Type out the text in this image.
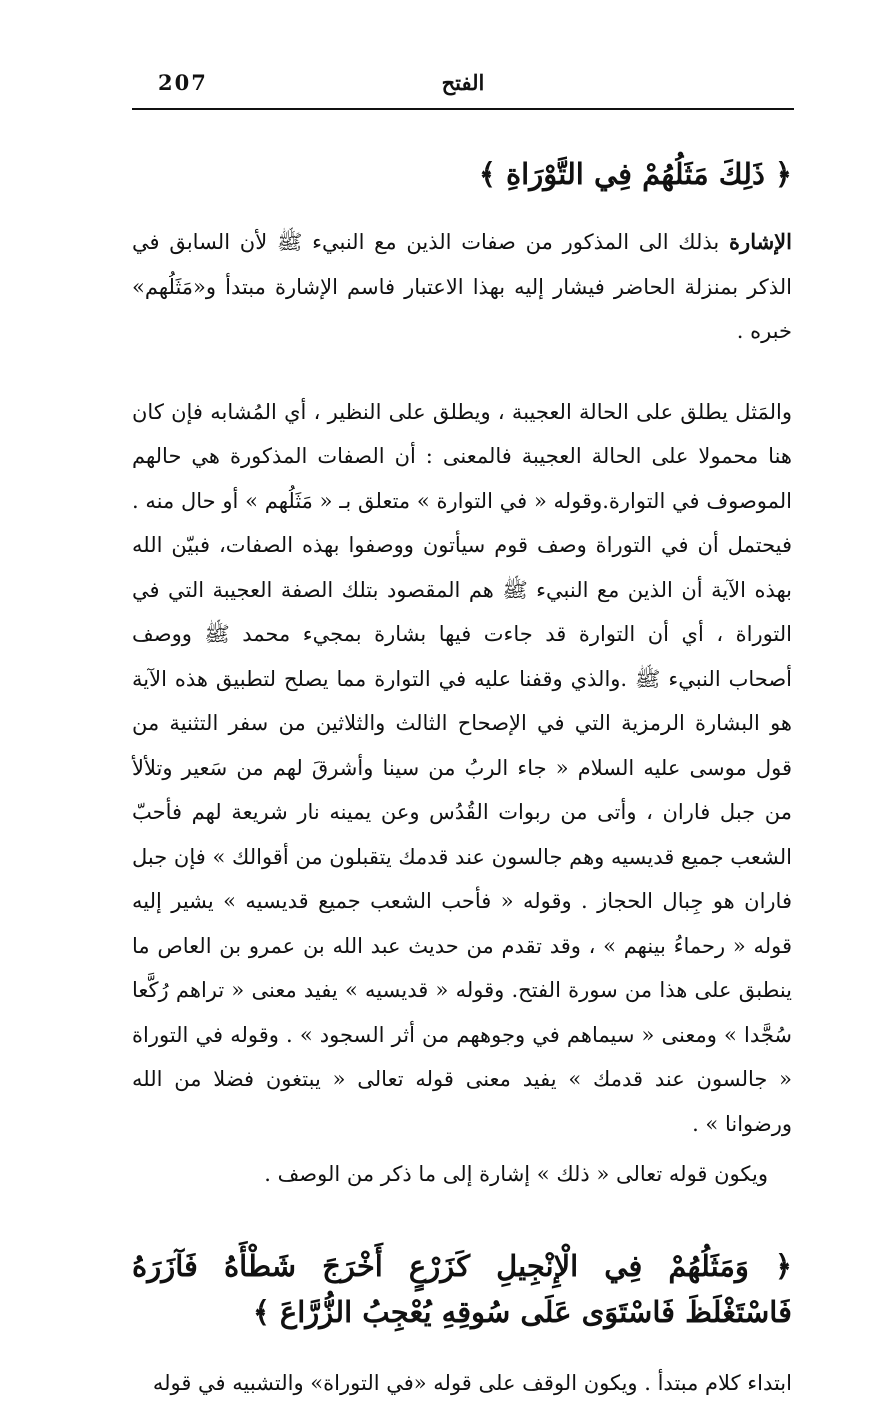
207	الفتح

﴿ ذَلِكَ مَثَلُهُمْ فِي التَّوْرَاةِ ﴾

الإشارة بذلك الى المذكور من صفات الذين مع النبيء ﷺ لأن السابق في الذكر بمنزلة الحاضر فيشار إليه بهذا الاعتبار فاسم الإشارة مبتدأ و«مَثَلُهم» خبره .

والمَثل يطلق على الحالة العجيبة ، ويطلق على النظير ، أي المُشابه فإن كان هنا محمولا على الحالة العجيبة فالمعنى : أن الصفات المذكورة هي حالهم الموصوف في التوارة.وقوله « في التوارة » متعلق بـ « مَثَلُهم » أو حال منه . فيحتمل أن في التوراة وصف قوم سيأتون ووصفوا بهذه الصفات، فبيّن الله بهذه الآية أن الذين مع النبيء ﷺ هم المقصود بتلك الصفة العجيبة التي في التوراة ، أي أن التوارة قد جاءت فيها بشارة بمجيء محمد ﷺ ووصف أصحاب النبيء ﷺ .والذي وقفنا عليه في التوارة مما يصلح لتطبيق هذه الآية هو البشارة الرمزية التي في الإصحاح الثالث والثلاثين من سفر التثنية من قول موسى عليه السلام « جاء الربُ من سينا وأشرقَ لهم من سَعير وتلألأ من جبل فاران ، وأتى من ربوات القُدُس وعن يمينه نار شريعة لهم فأحبّ الشعب جميع قديسيه وهم جالسون عند قدمك يتقبلون من أقوالك » فإن جبل فاران هو جِبال الحجاز . وقوله « فأحب الشعب جميع قديسيه » يشير إليه قوله « رحماءُ بينهم » ، وقد تقدم من حديث عبد الله بن عمرو بن العاص ما ينطبق على هذا من سورة الفتح. وقوله « قديسيه » يفيد معنى « تراهم رُكَّعا سُجَّدا » ومعنى « سيماهم في وجوههم من أثر السجود » . وقوله في التوراة « جالسون عند قدمك » يفيد معنى قوله تعالى « يبتغون فضلا من الله ورضوانا » .

ويكون قوله تعالى « ذلك » إشارة إلى ما ذكر من الوصف .

﴿ وَمَثَلُهُمْ فِي الْإِنْجِيلِ كَزَرْعٍ أَخْرَجَ شَطْأَهُ فَآزَرَهُ فَاسْتَغْلَظَ فَاسْتَوَى عَلَى سُوقِهِ يُعْجِبُ الزُّرَّاعَ ﴾

ابتداء كلام مبتدأ . ويكون الوقف على قوله «في التوراة» والتشبيه في قوله
